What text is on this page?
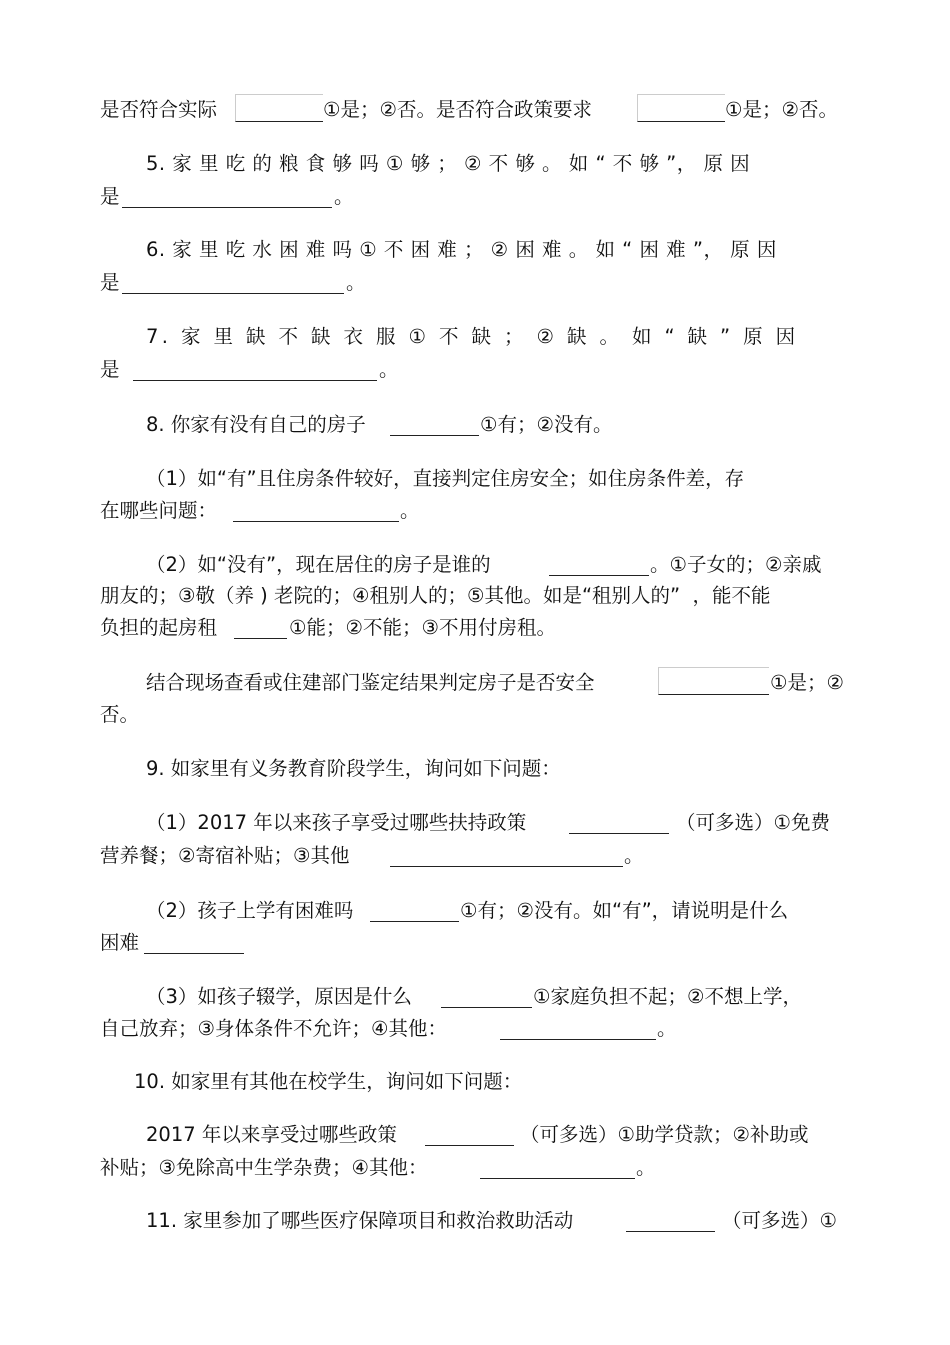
是否符合实际	①是；②否。是否符合政策要求	①是；②否。
5. 家 里 吃 的 粮 食 够 吗 ① 够 ； ② 不 够 。 如 “ 不 够 ”， 原 因
是	。
6. 家 里 吃 水 困 难 吗 ① 不 困 难 ； ② 困 难 。 如 “ 困 难 ”， 原 因
是	。
7. 家 里 缺 不 缺 衣 服 ① 不 缺 ； ② 缺 。 如 “ 缺 ” 原 因
是	。
8. 你家有没有自己的房子	①有；②没有。
（1）如“有”且住房条件较好，直接判定住房安全；如住房条件差，存
在哪些问题：	。
（2）如“没有”，现在居住的房子是谁的	。①子女的；②亲戚
朋友的；③敬（养 ) 老院的；④租别人的；⑤其他。如是“租别人的”  ，能不能
负担的起房租	①能；②不能；③不用付房租。
结合现场查看或住建部门鉴定结果判定房子是否安全	①是；②
否。
9. 如家里有义务教育阶段学生，询问如下问题：
（1）2017 年以来孩子享受过哪些扶持政策	（可多选）①免费
营养餐；②寄宿补贴；③其他	。
（2）孩子上学有困难吗	①有；②没有。如“有”，请说明是什么
困难
（3）如孩子辍学，原因是什么	①家庭负担不起；②不想上学，
自己放弃；③身体条件不允许；④其他：	。
10. 如家里有其他在校学生，询问如下问题：
2017 年以来享受过哪些政策	（可多选）①助学贷款；②补助或
补贴；③免除高中生学杂费；④其他：	。
11. 家里参加了哪些医疗保障项目和救治救助活动	（可多选）①
